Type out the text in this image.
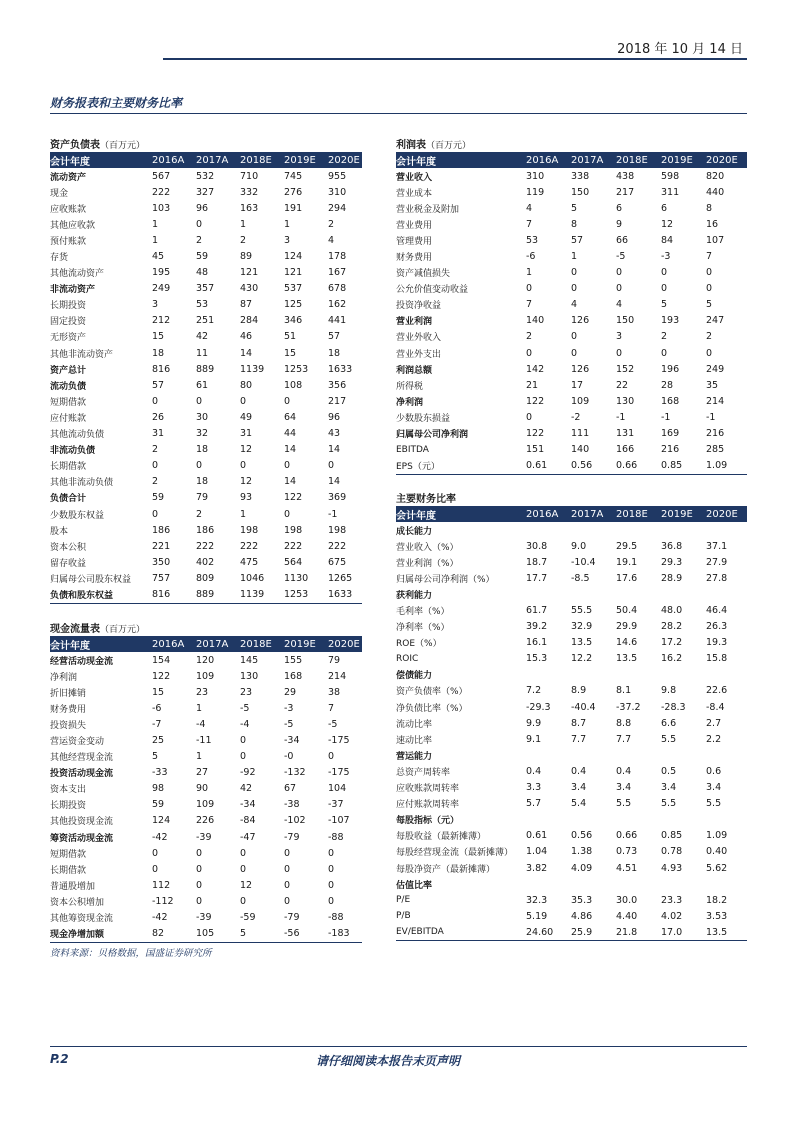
2018 年 10 月 14 日
财务报表和主要财务比率
资产负债表（百万元）
会计年度	2016A	2017A	2018E	2019E	2020E
流动资产	567	532	710	745	955
现金	222	327	332	276	310
应收账款	103	96	163	191	294
其他应收款	1	0	1	1	2
预付账款	1	2	2	3	4
存货	45	59	89	124	178
其他流动资产	195	48	121	121	167
非流动资产	249	357	430	537	678
长期投资	3	53	87	125	162
固定投资	212	251	284	346	441
无形资产	15	42	46	51	57
其他非流动资产	18	11	14	15	18
资产总计	816	889	1139	1253	1633
流动负债	57	61	80	108	356
短期借款	0	0	0	0	217
应付账款	26	30	49	64	96
其他流动负债	31	32	31	44	43
非流动负债	2	18	12	14	14
长期借款	0	0	0	0	0
其他非流动负债	2	18	12	14	14
负债合计	59	79	93	122	369
少数股东权益	0	2	1	0	-1
股本	186	186	198	198	198
资本公积	221	222	222	222	222
留存收益	350	402	475	564	675
归属母公司股东权益	757	809	1046	1130	1265
负债和股东权益	816	889	1139	1253	1633
现金流量表（百万元）
会计年度	2016A	2017A	2018E	2019E	2020E
经营活动现金流	154	120	145	155	79
净利润	122	109	130	168	214
折旧摊销	15	23	23	29	38
财务费用	-6	1	-5	-3	7
投资损失	-7	-4	-4	-5	-5
营运资金变动	25	-11	0	-34	-175
其他经营现金流	5	1	0	-0	0
投资活动现金流	-33	27	-92	-132	-175
资本支出	98	90	42	67	104
长期投资	59	109	-34	-38	-37
其他投资现金流	124	226	-84	-102	-107
筹资活动现金流	-42	-39	-47	-79	-88
短期借款	0	0	0	0	0
长期借款	0	0	0	0	0
普通股增加	112	0	12	0	0
资本公积增加	-112	0	0	0	0
其他筹资现金流	-42	-39	-59	-79	-88
现金净增加额	82	105	5	-56	-183
利润表（百万元）
会计年度	2016A	2017A	2018E	2019E	2020E
营业收入	310	338	438	598	820
营业成本	119	150	217	311	440
营业税金及附加	4	5	6	6	8
营业费用	7	8	9	12	16
管理费用	53	57	66	84	107
财务费用	-6	1	-5	-3	7
资产减值损失	1	0	0	0	0
公允价值变动收益	0	0	0	0	0
投资净收益	7	4	4	5	5
营业利润	140	126	150	193	247
营业外收入	2	0	3	2	2
营业外支出	0	0	0	0	0
利润总额	142	126	152	196	249
所得税	21	17	22	28	35
净利润	122	109	130	168	214
少数股东损益	0	-2	-1	-1	-1
归属母公司净利润	122	111	131	169	216
EBITDA	151	140	166	216	285
EPS（元）	0.61	0.56	0.66	0.85	1.09
主要财务比率
会计年度	2016A	2017A	2018E	2019E	2020E
成长能力
营业收入（%）	30.8	9.0	29.5	36.8	37.1
营业利润（%）	18.7	-10.4	19.1	29.3	27.9
归属母公司净利润（%）	17.7	-8.5	17.6	28.9	27.8
获利能力
毛利率（%）	61.7	55.5	50.4	48.0	46.4
净利率（%）	39.2	32.9	29.9	28.2	26.3
ROE（%）	16.1	13.5	14.6	17.2	19.3
ROIC	15.3	12.2	13.5	16.2	15.8
偿债能力
资产负债率（%）	7.2	8.9	8.1	9.8	22.6
净负债比率（%）	-29.3	-40.4	-37.2	-28.3	-8.4
流动比率	9.9	8.7	8.8	6.6	2.7
速动比率	9.1	7.7	7.7	5.5	2.2
营运能力
总资产周转率	0.4	0.4	0.4	0.5	0.6
应收账款周转率	3.3	3.4	3.4	3.4	3.4
应付账款周转率	5.7	5.4	5.5	5.5	5.5
每股指标（元）
每股收益（最新摊薄）	0.61	0.56	0.66	0.85	1.09
每股经营现金流（最新摊薄）	1.04	1.38	0.73	0.78	0.40
每股净资产（最新摊薄）	3.82	4.09	4.51	4.93	5.62
估值比率
P/E	32.3	35.3	30.0	23.3	18.2
P/B	5.19	4.86	4.40	4.02	3.53
EV/EBITDA	24.60	25.9	21.8	17.0	13.5
资料来源：贝格数据，国盛证券研究所
P.2	请仔细阅读本报告末页声明
